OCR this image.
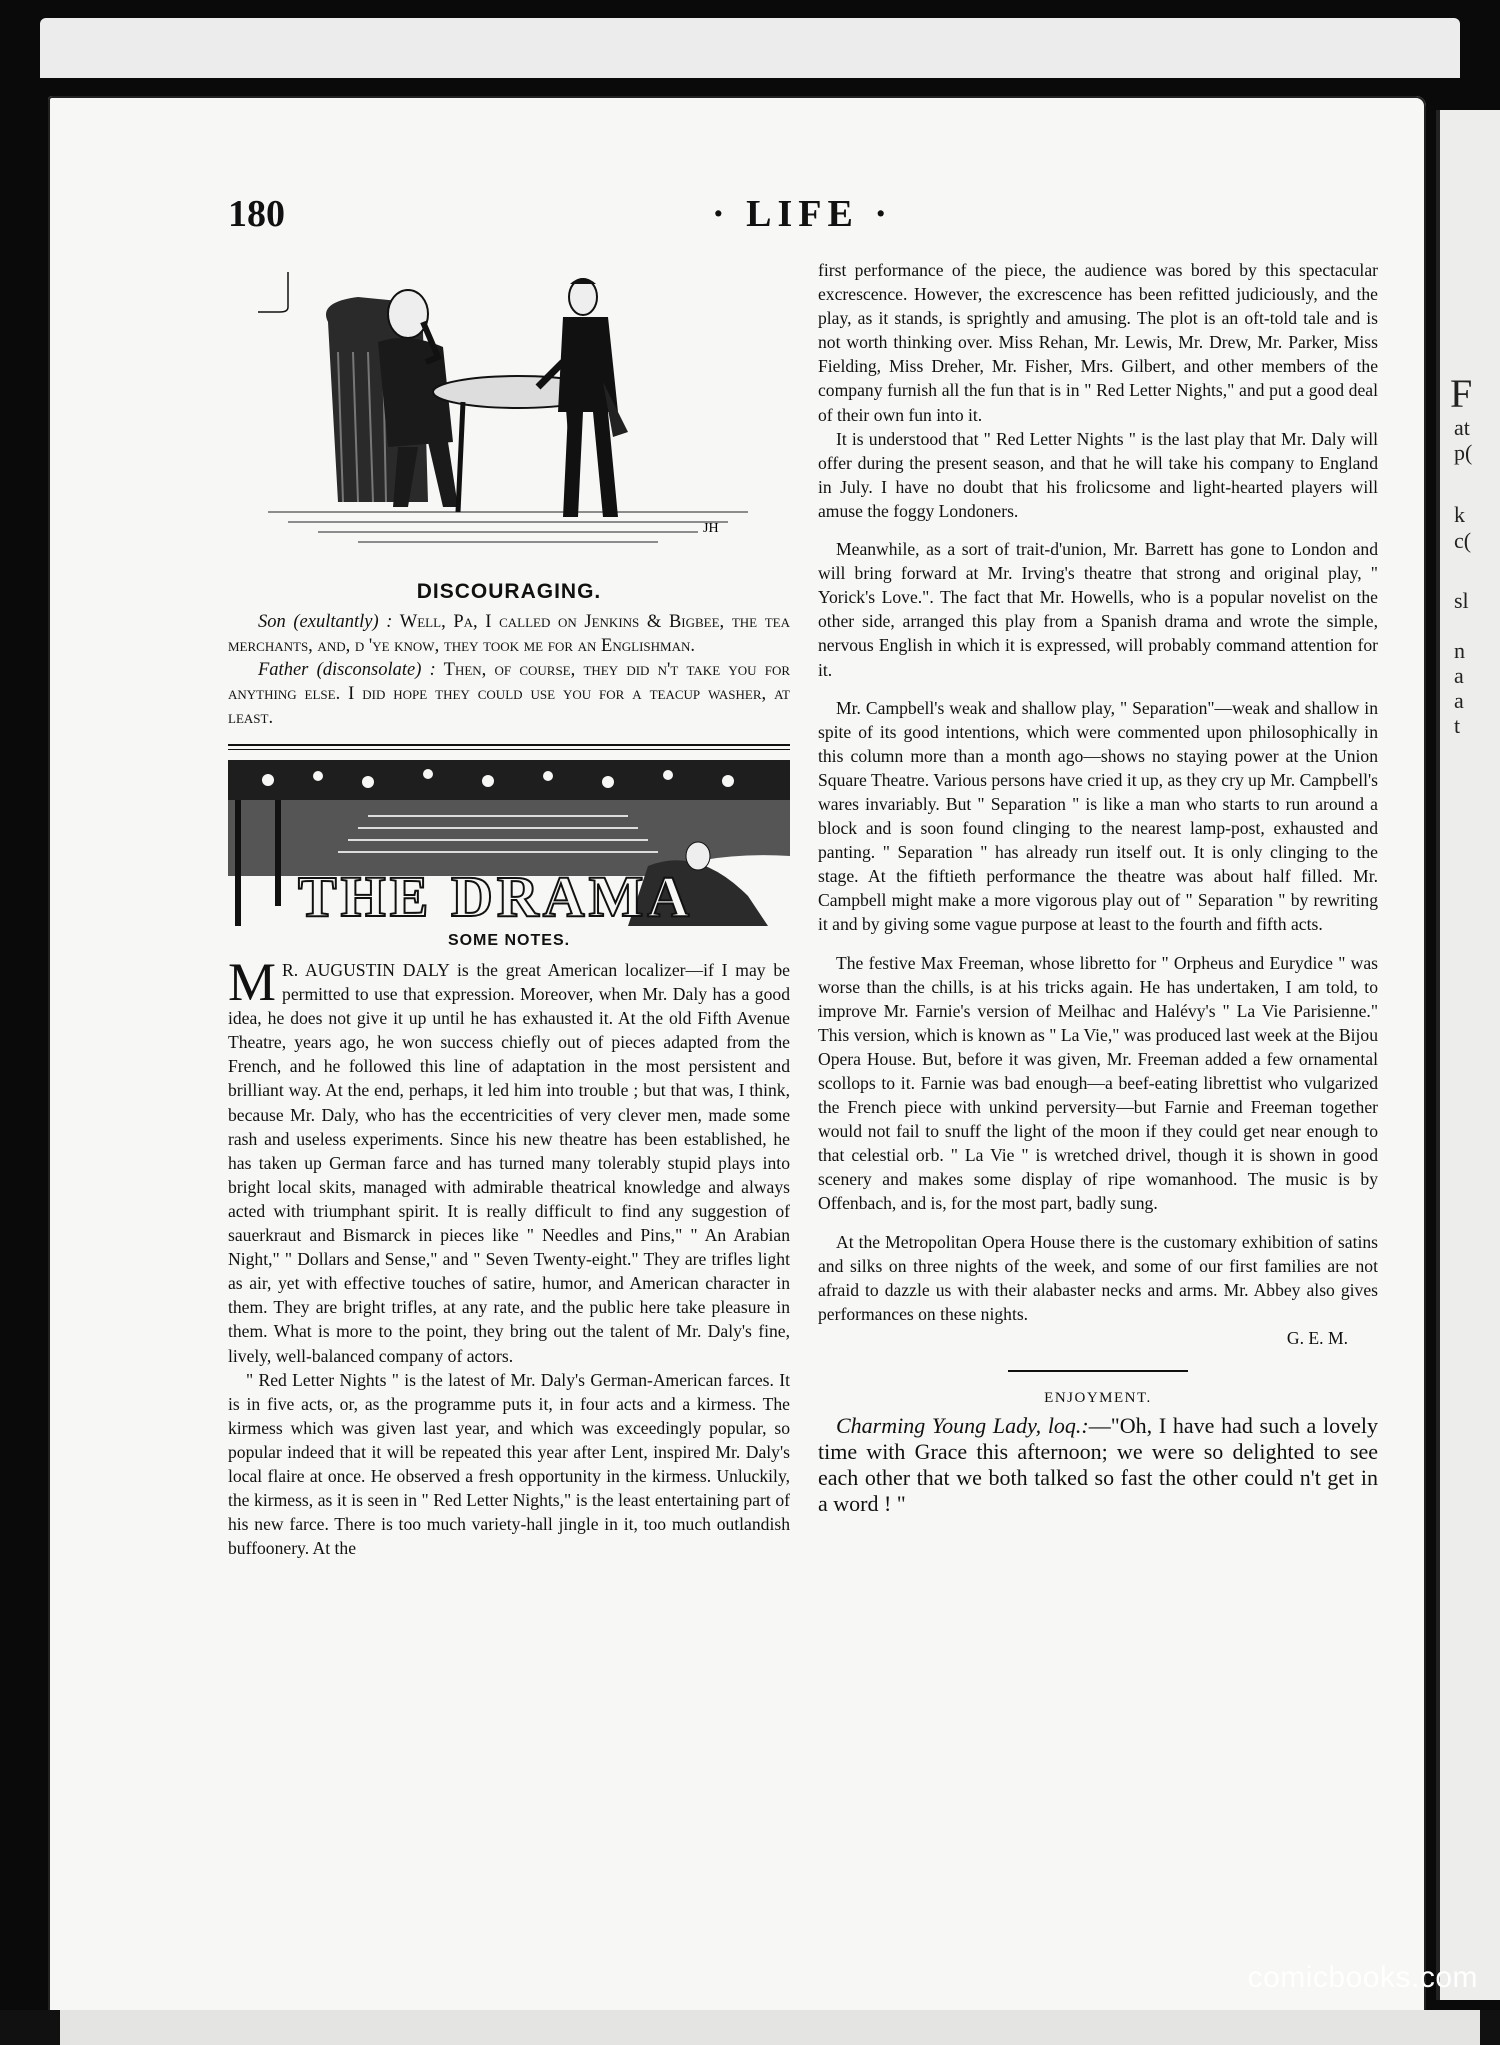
F
at
p(
k
c(
sl
n
a
a
t
180	· LIFE ·
JH
DISCOURAGING.

Son (exultantly) : Well, Pa, I called on Jenkins & Bigbee, the tea merchants, and, d 'ye know, they took me for an Englishman.

Father (disconsolate) : Then, of course, they did n't take you for anything else. I did hope they could use you for a teacup washer, at least.

THE DRAMA
SOME NOTES.

M R. AUGUSTIN DALY is the great American localizer—if I may be permitted to use that expression. Moreover, when Mr. Daly has a good idea, he does not give it up until he has exhausted it. At the old Fifth Avenue Theatre, years ago, he won success chiefly out of pieces adapted from the French, and he followed this line of adaptation in the most persistent and brilliant way. At the end, perhaps, it led him into trouble ; but that was, I think, because Mr. Daly, who has the eccentricities of very clever men, made some rash and useless experiments. Since his new theatre has been established, he has taken up German farce and has turned many tolerably stupid plays into bright local skits, managed with admirable theatrical knowledge and always acted with triumphant spirit. It is really difficult to find any suggestion of sauerkraut and Bismarck in pieces like " Needles and Pins," " An Arabian Night," " Dollars and Sense," and " Seven Twenty-eight." They are trifles light as air, yet with effective touches of satire, humor, and American character in them. They are bright trifles, at any rate, and the public here take pleasure in them. What is more to the point, they bring out the talent of Mr. Daly's fine, lively, well-balanced company of actors.

" Red Letter Nights " is the latest of Mr. Daly's German-American farces. It is in five acts, or, as the programme puts it, in four acts and a kirmess. The kirmess which was given last year, and which was exceedingly popular, so popular indeed that it will be repeated this year after Lent, inspired Mr. Daly's local flaire at once. He observed a fresh opportunity in the kirmess. Unluckily, the kirmess, as it is seen in " Red Letter Nights," is the least entertaining part of his new farce. There is too much variety-hall jingle in it, too much outlandish buffoonery. At the

first performance of the piece, the audience was bored by this spectacular excrescence. However, the excrescence has been refitted judiciously, and the play, as it stands, is sprightly and amusing. The plot is an oft-told tale and is not worth thinking over. Miss Rehan, Mr. Lewis, Mr. Drew, Mr. Parker, Miss Fielding, Miss Dreher, Mr. Fisher, Mrs. Gilbert, and other members of the company furnish all the fun that is in " Red Letter Nights," and put a good deal of their own fun into it.

It is understood that " Red Letter Nights " is the last play that Mr. Daly will offer during the present season, and that he will take his company to England in July. I have no doubt that his frolicsome and light-hearted players will amuse the foggy Londoners.

Meanwhile, as a sort of trait-d'union, Mr. Barrett has gone to London and will bring forward at Mr. Irving's theatre that strong and original play, " Yorick's Love.". The fact that Mr. Howells, who is a popular novelist on the other side, arranged this play from a Spanish drama and wrote the simple, nervous English in which it is expressed, will probably command attention for it.

Mr. Campbell's weak and shallow play, " Separation"—weak and shallow in spite of its good intentions, which were commented upon philosophically in this column more than a month ago—shows no staying power at the Union Square Theatre. Various persons have cried it up, as they cry up Mr. Campbell's wares invariably. But " Separation " is like a man who starts to run around a block and is soon found clinging to the nearest lamp-post, exhausted and panting. " Separation " has already run itself out. It is only clinging to the stage. At the fiftieth performance the theatre was about half filled. Mr. Campbell might make a more vigorous play out of " Separation " by rewriting it and by giving some vague purpose at least to the fourth and fifth acts.

The festive Max Freeman, whose libretto for " Orpheus and Eurydice " was worse than the chills, is at his tricks again. He has undertaken, I am told, to improve Mr. Farnie's version of Meilhac and Halévy's " La Vie Parisienne." This version, which is known as " La Vie," was produced last week at the Bijou Opera House. But, before it was given, Mr. Freeman added a few ornamental scollops to it. Farnie was bad enough—a beef-eating librettist who vulgarized the French piece with unkind perversity—but Farnie and Freeman together would not fail to snuff the light of the moon if they could get near enough to that celestial orb. " La Vie " is wretched drivel, though it is shown in good scenery and makes some display of ripe womanhood. The music is by Offenbach, and is, for the most part, badly sung.

At the Metropolitan Opera House there is the customary exhibition of satins and silks on three nights of the week, and some of our first families are not afraid to dazzle us with their alabaster necks and arms. Mr. Abbey also gives performances on these nights.

G. E. M.

ENJOYMENT.

Charming Young Lady, loq.:—"Oh, I have had such a lovely time with Grace this afternoon; we were so delighted to see each other that we both talked so fast the other could n't get in a word ! "

comicbooks.com
